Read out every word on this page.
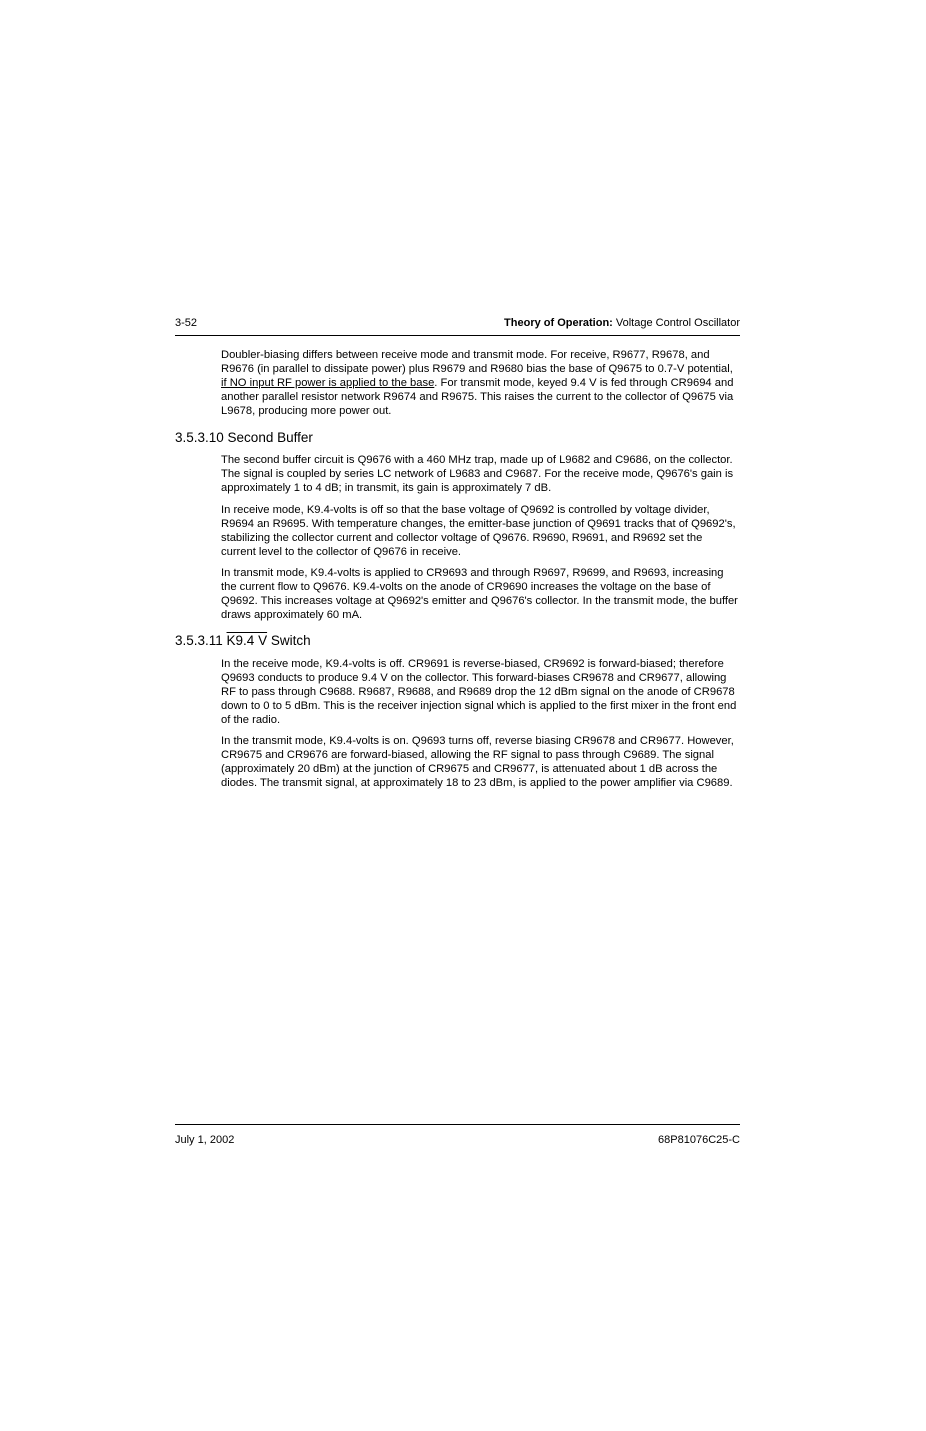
3-52	Theory of Operation: Voltage Control Oscillator

Doubler-biasing differs between receive mode and transmit mode. For receive, R9677, R9678, and R9676 (in parallel to dissipate power) plus R9679 and R9680 bias the base of Q9675 to 0.7-V potential, if NO input RF power is applied to the base. For transmit mode, keyed 9.4 V is fed through CR9694 and another parallel resistor network R9674 and R9675. This raises the current to the collector of Q9675 via L9678, producing more power out.

3.5.3.10 Second Buffer

The second buffer circuit is Q9676 with a 460 MHz trap, made up of L9682 and C9686, on the collector. The signal is coupled by series LC network of L9683 and C9687. For the receive mode, Q9676's gain is approximately 1 to 4 dB; in transmit, its gain is approximately 7 dB.

In receive mode, K9.4-volts is off so that the base voltage of Q9692 is controlled by voltage divider, R9694 an R9695. With temperature changes, the emitter-base junction of Q9691 tracks that of Q9692's, stabilizing the collector current and collector voltage of Q9676. R9690, R9691, and R9692 set the current level to the collector of Q9676 in receive.

In transmit mode, K9.4-volts is applied to CR9693 and through R9697, R9699, and R9693, increasing the current flow to Q9676. K9.4-volts on the anode of CR9690 increases the voltage on the base of Q9692. This increases voltage at Q9692's emitter and Q9676's collector. In the transmit mode, the buffer draws approximately 60 mA.

3.5.3.11 K9.4 V Switch

In the receive mode, K9.4-volts is off. CR9691 is reverse-biased, CR9692 is forward-biased; therefore Q9693 conducts to produce 9.4 V on the collector. This forward-biases CR9678 and CR9677, allowing RF to pass through C9688. R9687, R9688, and R9689 drop the 12 dBm signal on the anode of CR9678 down to 0 to 5 dBm. This is the receiver injection signal which is applied to the first mixer in the front end of the radio.

In the transmit mode, K9.4-volts is on. Q9693 turns off, reverse biasing CR9678 and CR9677. However, CR9675 and CR9676 are forward-biased, allowing the RF signal to pass through C9689. The signal (approximately 20 dBm) at the junction of CR9675 and CR9677, is attenuated about 1 dB across the diodes. The transmit signal, at approximately 18 to 23 dBm, is applied to the power amplifier via C9689.

July 1, 2002	68P81076C25-C
